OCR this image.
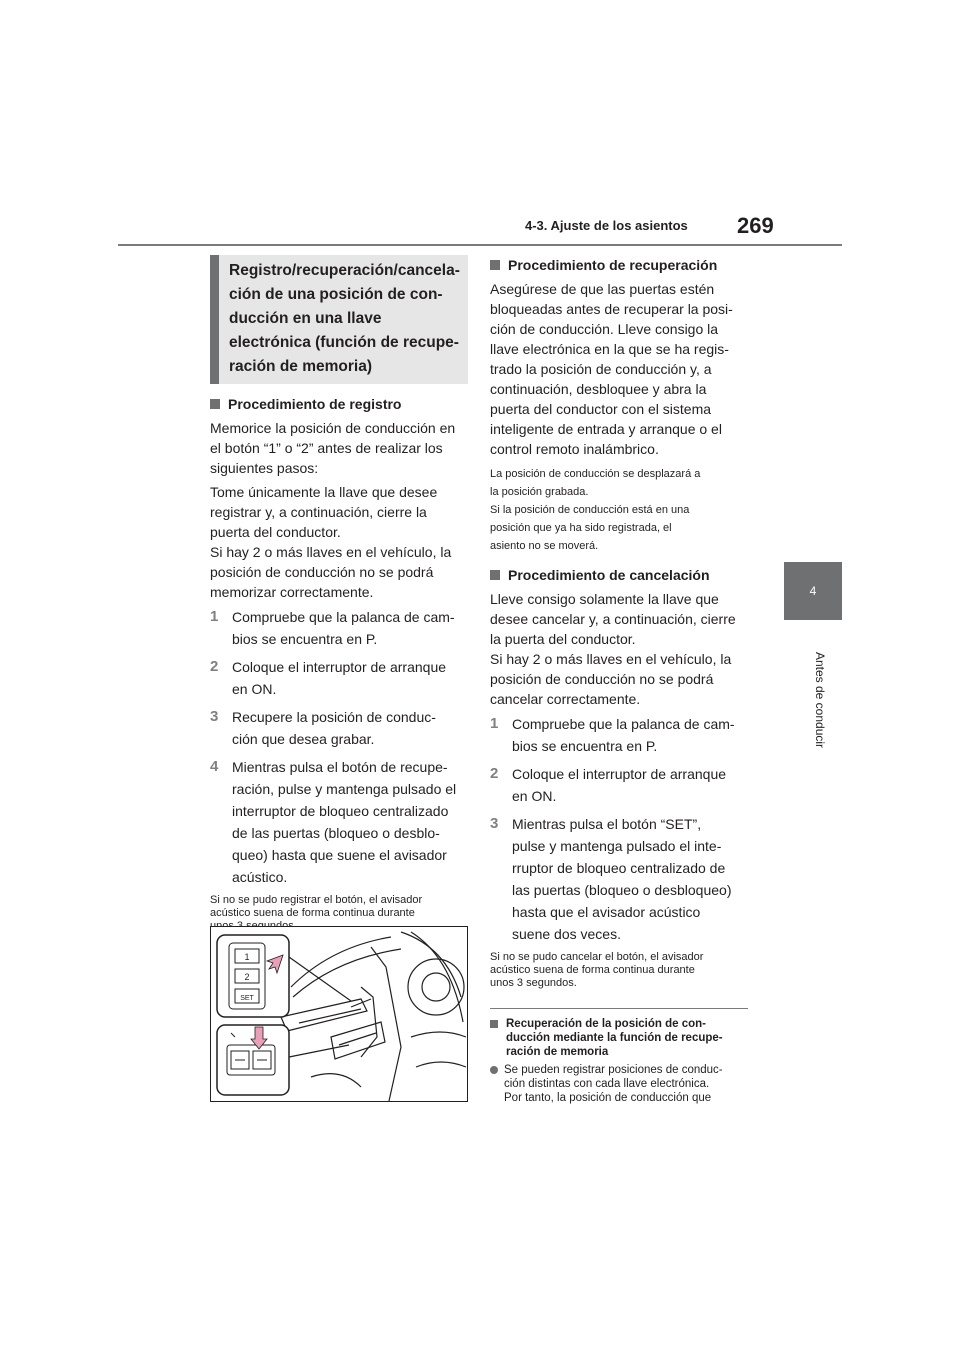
4-3. Ajuste de los asientos 269
4
Antes de conducir
Registro/recuperación/cancela-
ción de una posición de con-
ducción en una llave
electrónica (función de recupe-
ración de memoria)
Procedimiento de registro
Memorice la posición de conducción en
el botón “1” o “2” antes de realizar los
siguientes pasos:
Tome únicamente la llave que desee
registrar y, a continuación, cierre la
puerta del conductor.
Si hay 2 o más llaves en el vehículo, la
posición de conducción no se podrá
memorizar correctamente.
1 Compruebe que la palanca de cam-
bios se encuentra en P.
2 Coloque el interruptor de arranque
en ON.
3 Recupere la posición de conduc-
ción que desea grabar.
4 Mientras pulsa el botón de recupe-
ración, pulse y mantenga pulsado el
interruptor de bloqueo centralizado
de las puertas (bloqueo o desblo-
queo) hasta que suene el avisador
acústico.
Si no se pudo registrar el botón, el avisador
acústico suena de forma continua durante

1
2
SET
Procedimiento de recuperación
Asegúrese de que las puertas estén
bloqueadas antes de recuperar la posi-
ción de conducción. Lleve consigo la
llave electrónica en la que se ha regis-
trado la posición de conducción y, a
continuación, desbloquee y abra la
puerta del conductor con el sistema
inteligente de entrada y arranque o el
control remoto inalámbrico.
La posición de conducción se desplazará a
la posición grabada.
Si la posición de conducción está en una
posición que ya ha sido registrada, el
asiento no se moverá.
Procedimiento de cancelación
Lleve consigo solamente la llave que
desee cancelar y, a continuación, cierre
la puerta del conductor.
Si hay 2 o más llaves en el vehículo, la
posición de conducción no se podrá
cancelar correctamente.
1 Compruebe que la palanca de cam-
bios se encuentra en P.
2 Coloque el interruptor de arranque
en ON.
3 Mientras pulsa el botón “SET”,
pulse y mantenga pulsado el inte-
rruptor de bloqueo centralizado de
las puertas (bloqueo o desbloqueo)
hasta que el avisador acústico
suene dos veces.
Si no se pudo cancelar el botón, el avisador
acústico suena de forma continua durante
unos 3 segundos.
Recuperación de la posición de con-
ducción mediante la función de recupe-
ración de memoria
Se pueden registrar posiciones de conduc-
ción distintas con cada llave electrónica.
Por tanto, la posición de conducción que
